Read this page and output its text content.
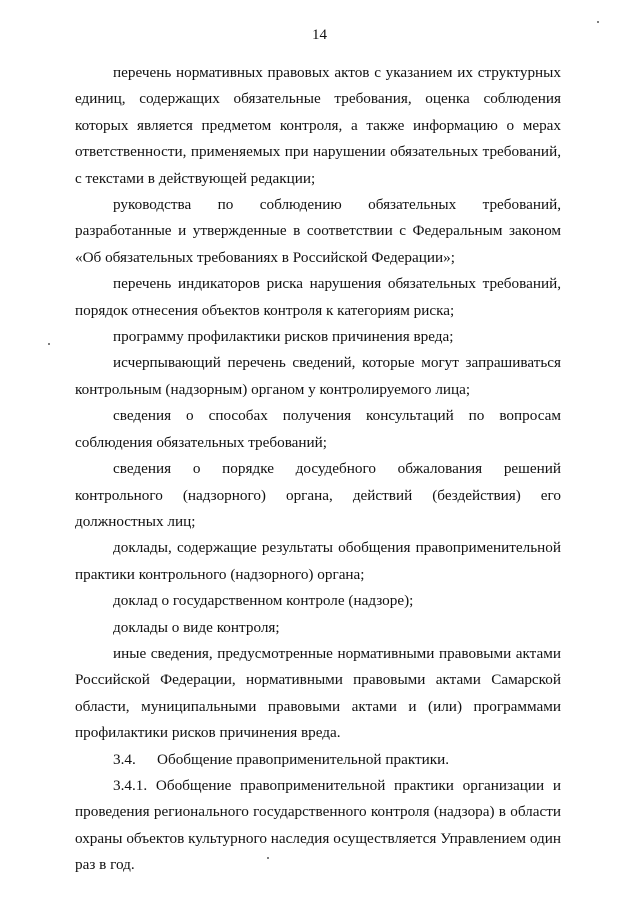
14

перечень нормативных правовых актов с указанием их структурных единиц, содержащих обязательные требования, оценка соблюдения которых является предметом контроля, а также информацию о мерах ответственности, применяемых при нарушении обязательных требований, с текстами в действующей редакции;

руководства по соблюдению обязательных требований, разработанные и утвержденные в соответствии с Федеральным законом «Об обязательных требованиях в Российской Федерации»;

перечень индикаторов риска нарушения обязательных требований, порядок отнесения объектов контроля к категориям риска;

программу профилактики рисков причинения вреда;

исчерпывающий перечень сведений, которые могут запрашиваться контрольным (надзорным) органом у контролируемого лица;

сведения о способах получения консультаций по вопросам соблюдения обязательных требований;

сведения о порядке досудебного обжалования решений контрольного (надзорного) органа, действий (бездействия) его должностных лиц;

доклады, содержащие результаты обобщения правоприменительной практики контрольного (надзорного) органа;

доклад о государственном контроле (надзоре);

доклады о виде контроля;

иные сведения, предусмотренные нормативными правовыми актами Российской Федерации, нормативными правовыми актами Самарской области, муниципальными правовыми актами и (или) программами профилактики рисков причинения вреда.

3.4. Обобщение правоприменительной практики.

3.4.1. Обобщение правоприменительной практики организации и проведения регионального государственного контроля (надзора) в области охраны объектов культурного наследия осуществляется Управлением один раз в год.
